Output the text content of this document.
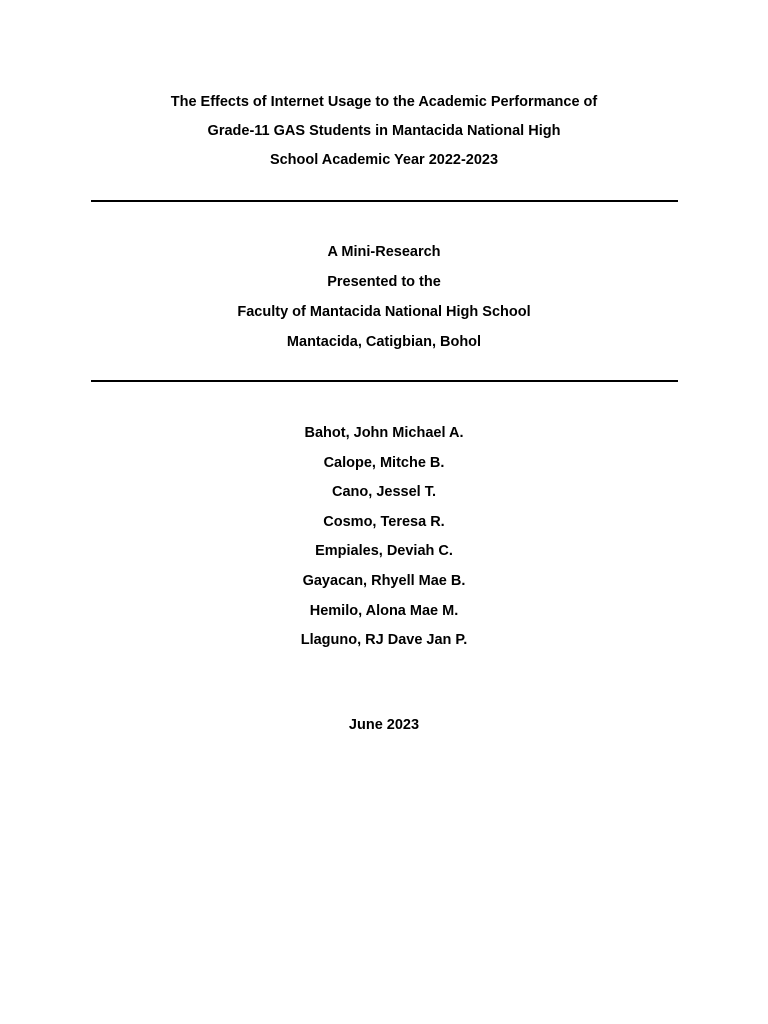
The Effects of Internet Usage to the Academic Performance of
Grade-11 GAS Students in Mantacida National High
School Academic Year 2022-2023
A Mini-Research
Presented to the
Faculty of Mantacida National High School
Mantacida, Catigbian, Bohol
Bahot, John Michael A.
Calope, Mitche B.
Cano, Jessel T.
Cosmo, Teresa R.
Empiales, Deviah C.
Gayacan, Rhyell Mae B.
Hemilo, Alona Mae M.
Llaguno, RJ Dave Jan P.
June 2023
